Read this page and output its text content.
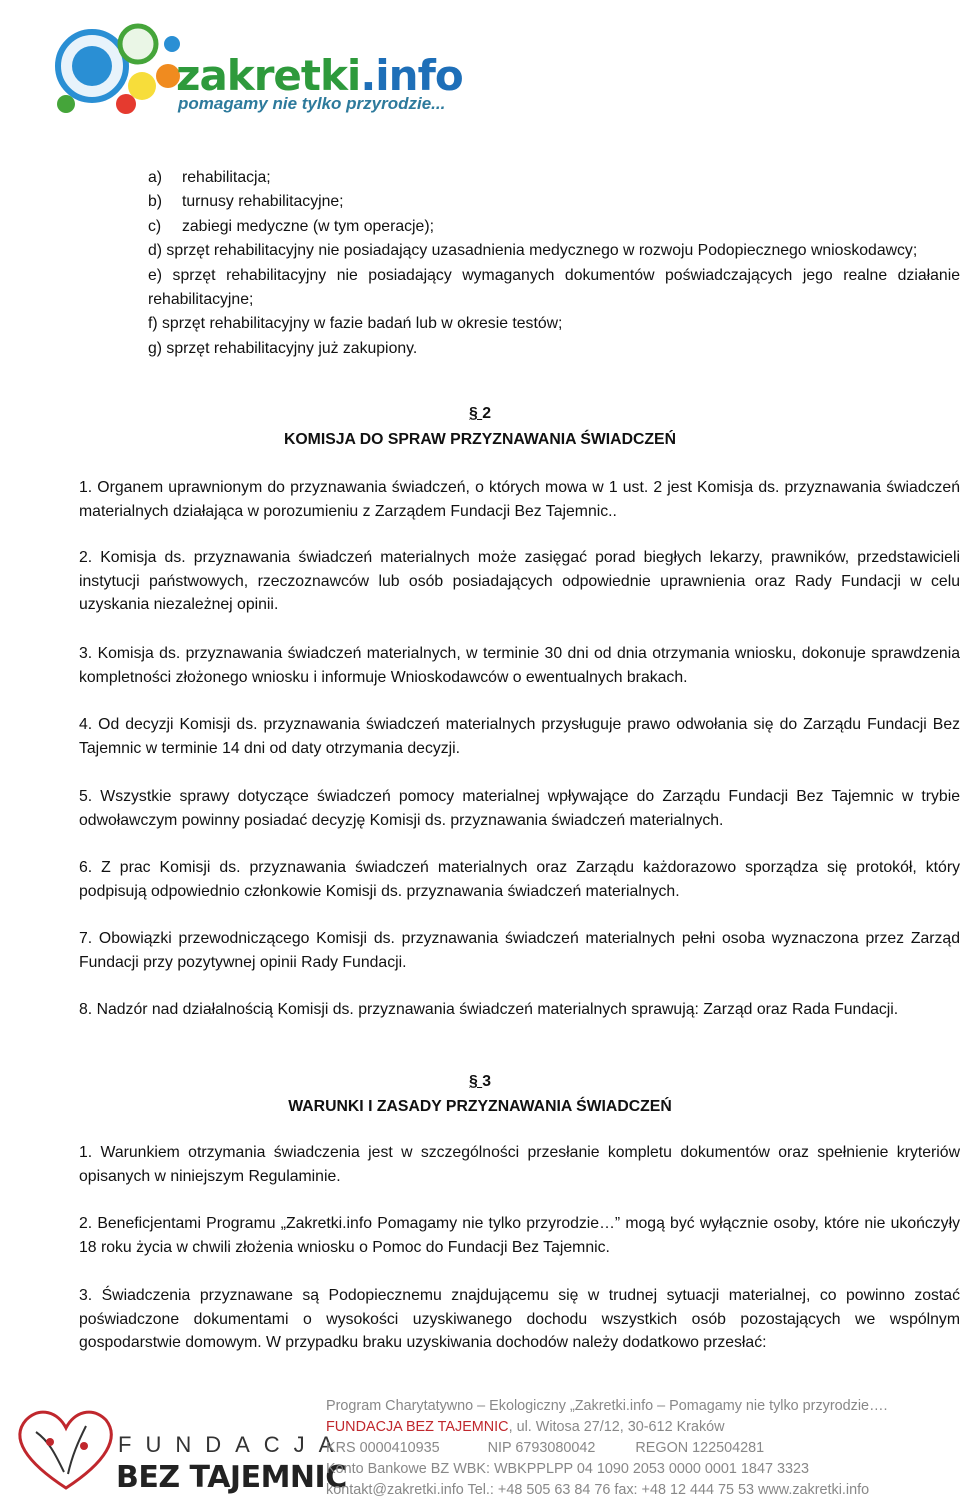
zakretki.info
pomagamy nie tylko przyrodzie...

a) rehabilitacja;

b) turnusy rehabilitacyjne;

c) zabiegi medyczne (w tym operacje);

d) sprzęt rehabilitacyjny nie posiadający uzasadnienia medycznego w rozwoju Podopiecznego wnioskodawcy;

e) sprzęt rehabilitacyjny nie posiadający wymaganych dokumentów poświadczających jego realne działanie rehabilitacyjne;

f) sprzęt rehabilitacyjny w fazie badań lub w okresie testów;

g) sprzęt rehabilitacyjny już zakupiony.

§ 2
KOMISJA DO SPRAW PRZYZNAWANIA ŚWIADCZEŃ

1. Organem uprawnionym do przyznawania świadczeń, o których mowa w 1 ust. 2 jest Komisja ds. przyznawania świadczeń materialnych działająca w porozumieniu z Zarządem Fundacji Bez Tajemnic..

2. Komisja ds. przyznawania świadczeń materialnych może zasięgać porad biegłych lekarzy, prawników, przedstawicieli instytucji państwowych, rzeczoznawców lub osób posiadających odpowiednie uprawnienia oraz Rady Fundacji w celu uzyskania niezależnej opinii.

3. Komisja ds. przyznawania świadczeń materialnych, w terminie 30 dni od dnia otrzymania wniosku, dokonuje sprawdzenia kompletności złożonego wniosku i informuje Wnioskodawców o ewentualnych brakach.

4. Od decyzji Komisji ds. przyznawania świadczeń materialnych przysługuje prawo odwołania się do Zarządu Fundacji Bez Tajemnic w terminie 14 dni od daty otrzymania decyzji.

5. Wszystkie sprawy dotyczące świadczeń pomocy materialnej wpływające do Zarządu Fundacji Bez Tajemnic w trybie odwoławczym powinny posiadać decyzję Komisji ds. przyznawania świadczeń materialnych.

6. Z prac Komisji ds. przyznawania świadczeń materialnych oraz Zarządu każdorazowo sporządza się protokół, który podpisują odpowiednio członkowie Komisji ds. przyznawania świadczeń materialnych.

7. Obowiązki przewodniczącego Komisji ds. przyznawania świadczeń materialnych pełni osoba wyznaczona przez Zarząd Fundacji przy pozytywnej opinii Rady Fundacji.

8. Nadzór nad działalnością Komisji ds. przyznawania świadczeń materialnych sprawują: Zarząd oraz Rada Fundacji.

§ 3
WARUNKI I ZASADY PRZYZNAWANIA ŚWIADCZEŃ

1. Warunkiem otrzymania świadczenia jest w szczególności przesłanie kompletu dokumentów oraz spełnienie kryteriów opisanych w niniejszym Regulaminie.

2. Beneficjentami Programu „Zakretki.info Pomagamy nie tylko przyrodzie…” mogą być wyłącznie osoby, które nie ukończyły 18 roku życia w chwili złożenia wniosku o Pomoc do Fundacji Bez Tajemnic.

3. Świadczenia przyznawane są Podopiecznemu znajdującemu się w trudnej sytuacji materialnej, co powinno zostać poświadczone dokumentami o wysokości uzyskiwanego dochodu wszystkich osób pozostających we wspólnym gospodarstwie domowym. W przypadku braku uzyskiwania dochodów należy dodatkowo przesłać:

FUNDACJA
BEZ TAJEMNIC
Program Charytatywno – Ekologiczny „Zakretki.info – Pomagamy nie tylko przyrodzie….
FUNDACJA BEZ TAJEMNIC, ul. Witosa 27/12, 30-612 Kraków
KRS 0000410935	NIP 6793080042	REGON 122504281
Konto Bankowe BZ WBK: WBKPPLPP 04 1090 2053 0000 0001 1847 3323
kontakt@zakretki.info Tel.: +48 505 63 84 76 fax: +48 12 444 75 53 www.zakretki.info
